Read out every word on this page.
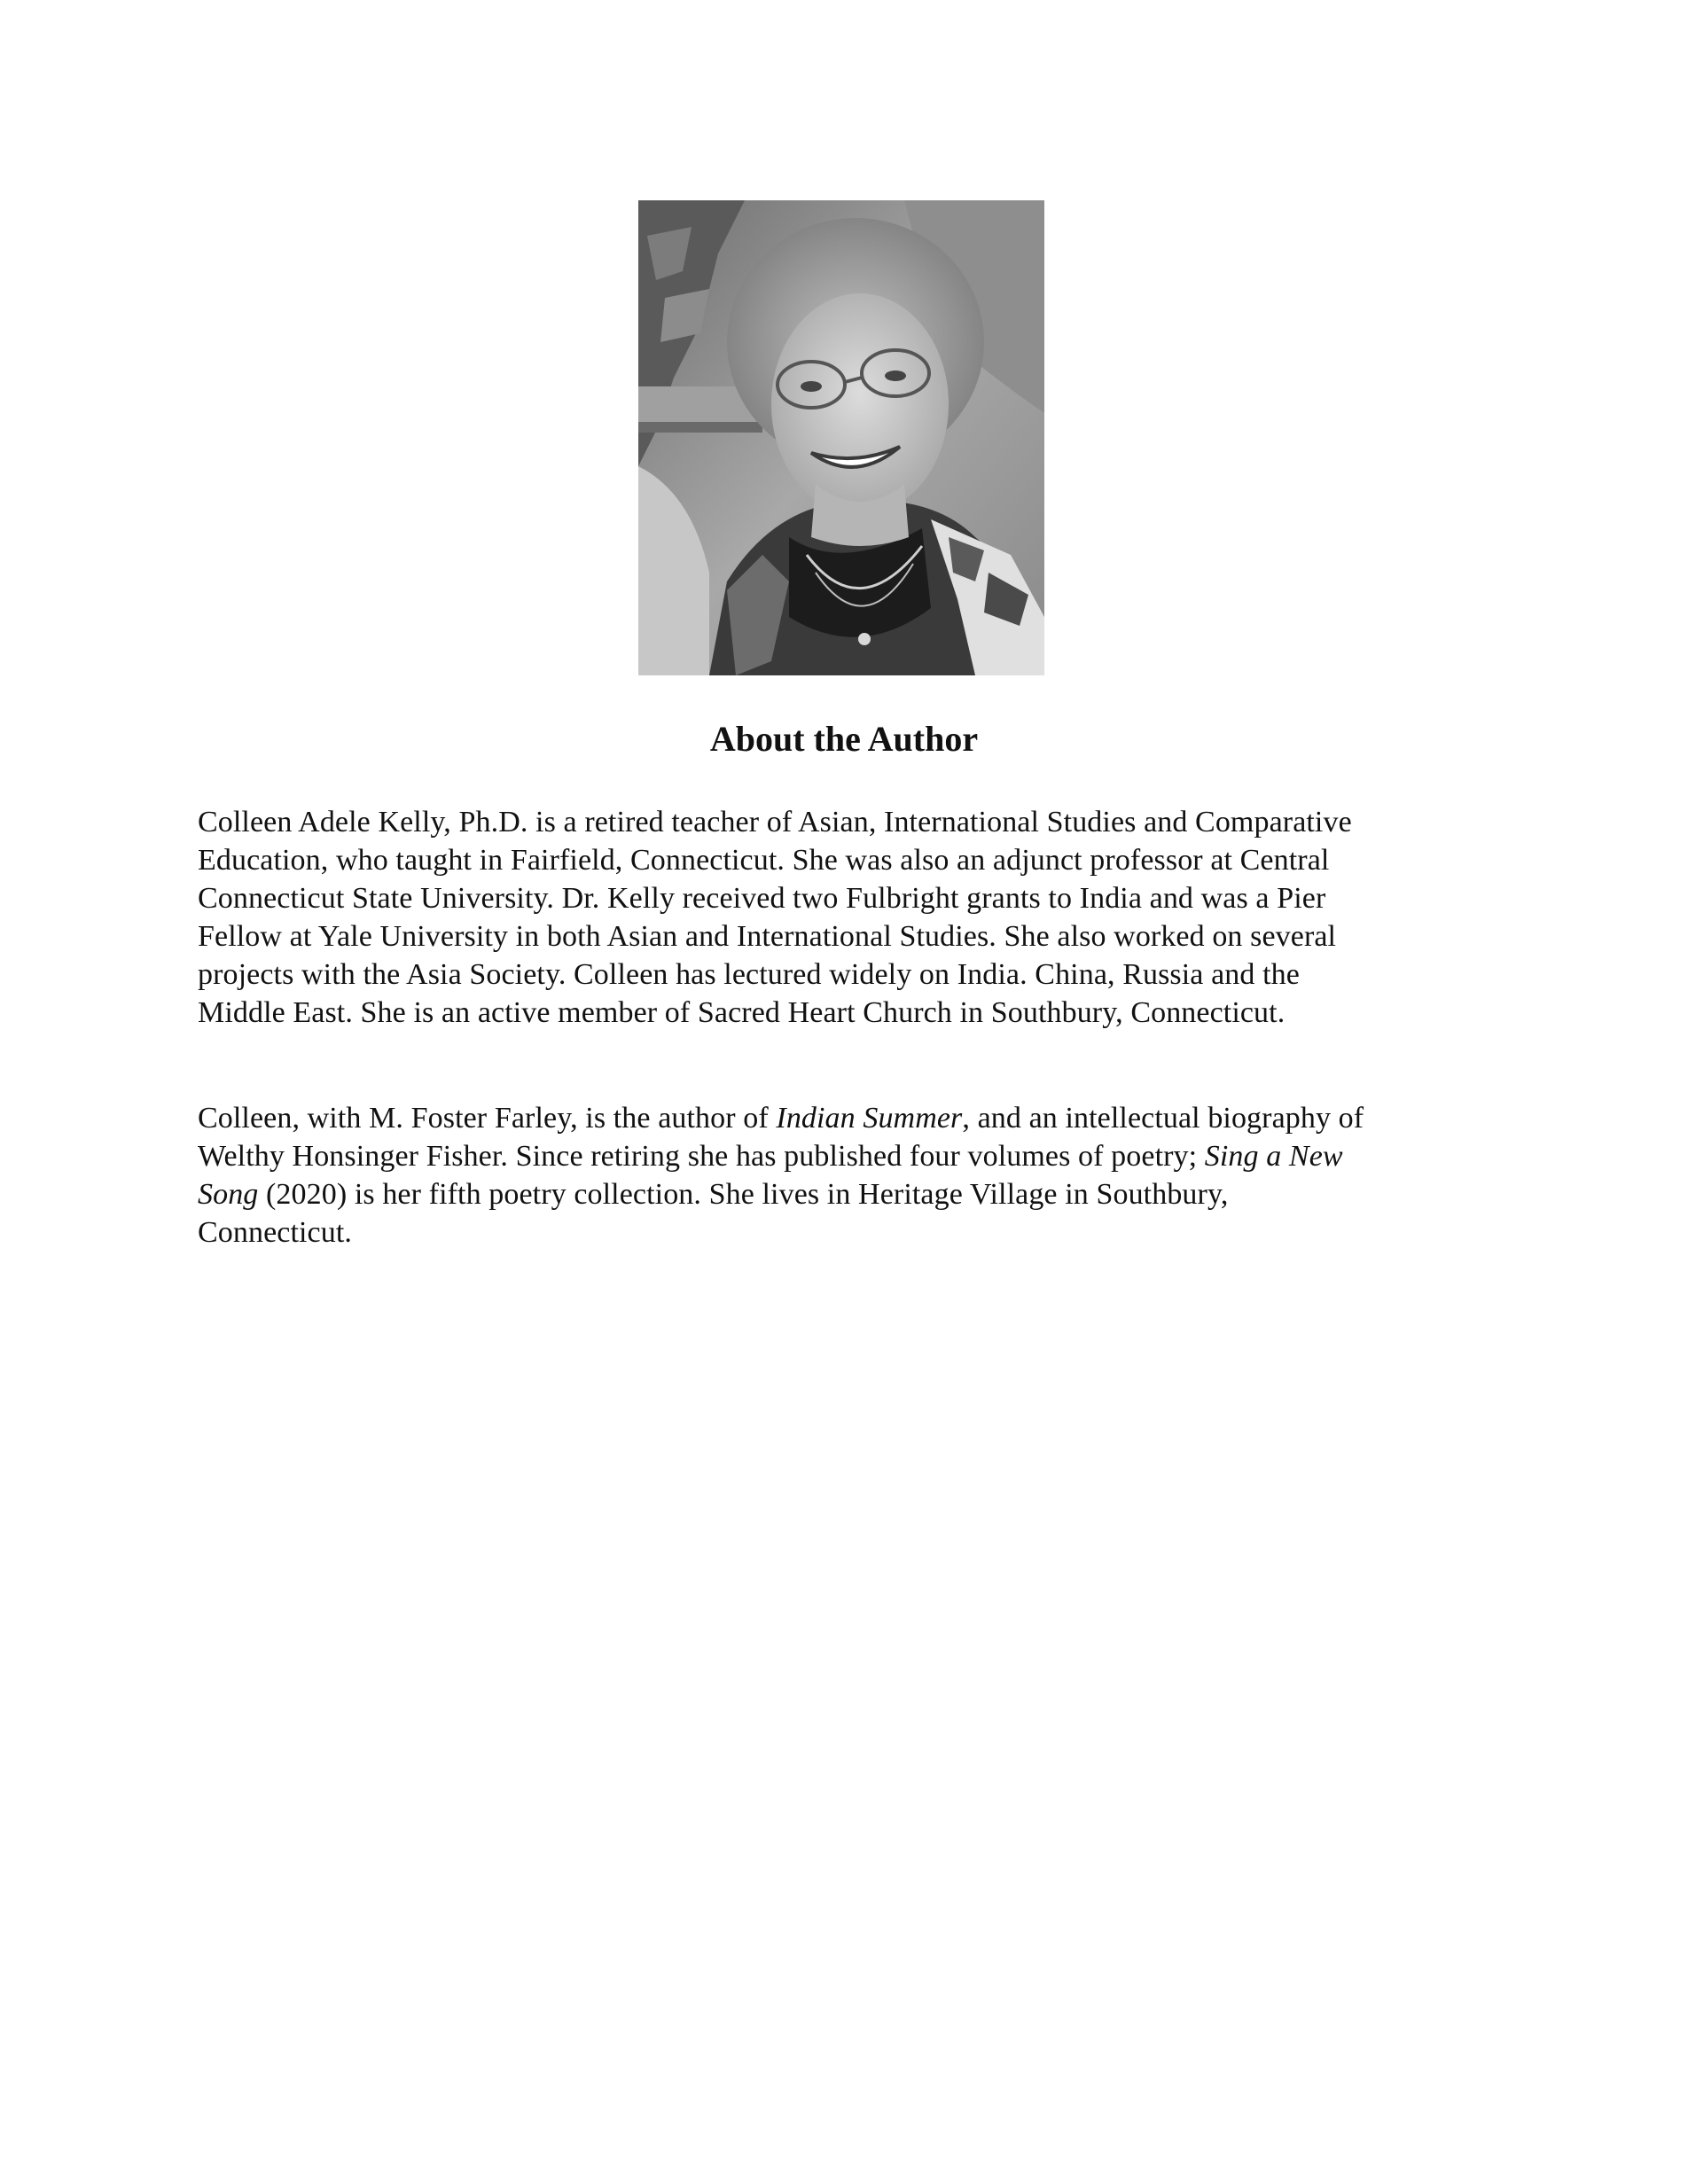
About the Author

Colleen Adele Kelly, Ph.D. is a retired teacher of Asian, International Studies and Comparative
Education, who taught in Fairfield, Connecticut. She was also an adjunct professor at Central
Connecticut State University. Dr. Kelly received two Fulbright grants to India and was a Pier
Fellow at Yale University in both Asian and International Studies. She also worked on several
projects with the Asia Society. Colleen has lectured widely on India. China, Russia and the
Middle East. She is an active member of Sacred Heart Church in Southbury, Connecticut.

Colleen, with M. Foster Farley, is the author of Indian Summer, and an intellectual biography of
Welthy Honsinger Fisher. Since retiring she has published four volumes of poetry; Sing a New
Song (2020) is her fifth poetry collection. She lives in Heritage Village in Southbury,
Connecticut.
